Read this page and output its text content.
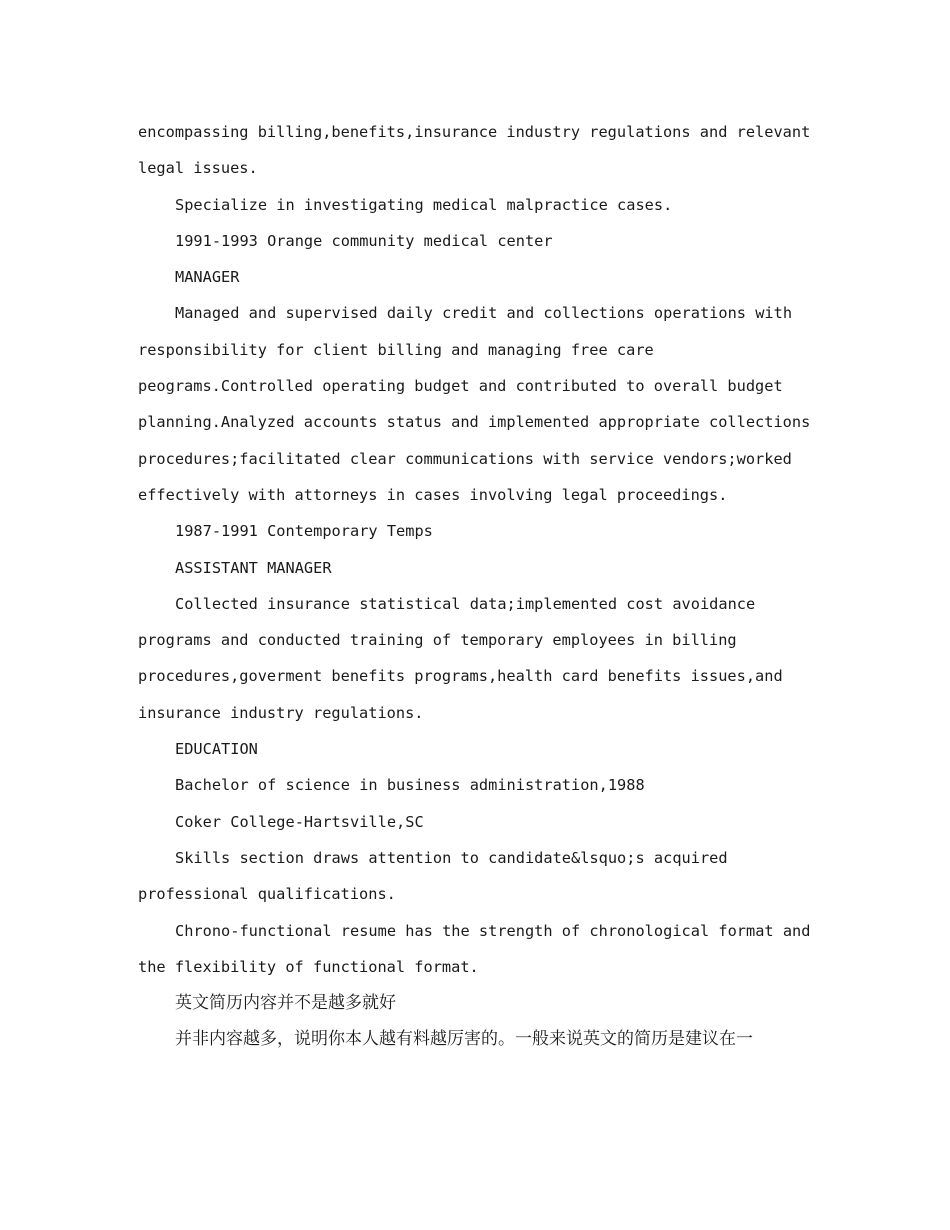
encompassing billing,benefits,insurance industry regulations and relevant legal issues.

Specialize in investigating medical malpractice cases.

1991-1993 Orange community medical center

MANAGER

Managed and supervised daily credit and collections operations with responsibility for client billing and managing free care peograms.Controlled operating budget and contributed to overall budget planning.Analyzed accounts status and implemented appropriate collections procedures;facilitated clear communications with service vendors;worked effectively with attorneys in cases involving legal proceedings.

1987-1991 Contemporary Temps

ASSISTANT MANAGER

Collected insurance statistical data;implemented cost avoidance programs and conducted training of temporary employees in billing procedures,goverment benefits programs,health card benefits issues,and insurance industry regulations.

EDUCATION

Bachelor of science in business administration,1988

Coker College-Hartsville,SC

Skills section draws attention to candidate&lsquo;s acquired professional qualifications.

Chrono-functional resume has the strength of chronological format and the flexibility of functional format.

英文简历内容并不是越多就好

并非内容越多，说明你本人越有料越厉害的。一般来说英文的简历是建议在一
